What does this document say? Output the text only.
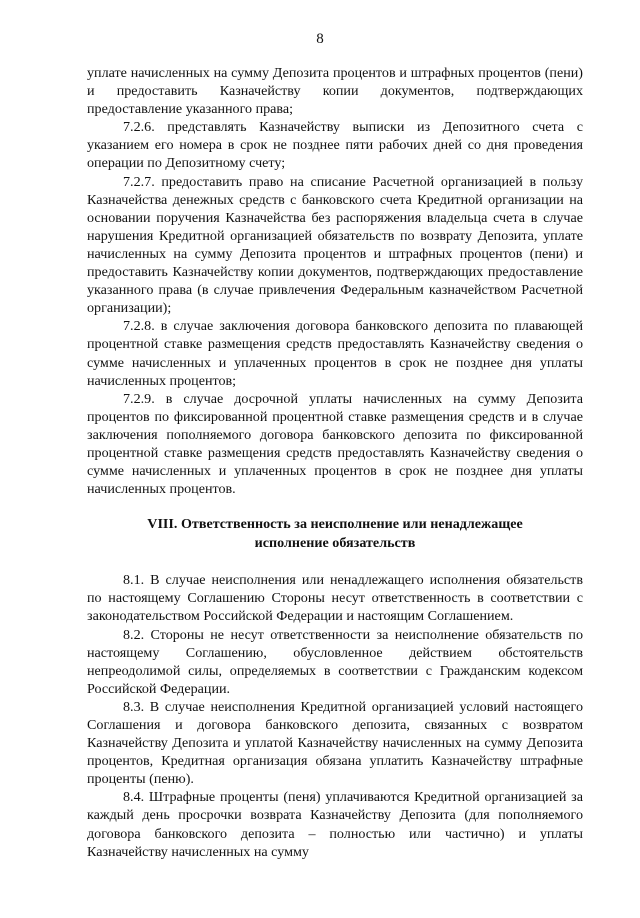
8

уплате начисленных на сумму Депозита процентов и штрафных процентов (пени) и предоставить Казначейству копии документов, подтверждающих предоставление указанного права;

7.2.6. представлять Казначейству выписки из Депозитного счета с указанием его номера в срок не позднее пяти рабочих дней со дня проведения операции по Депозитному счету;

7.2.7. предоставить право на списание Расчетной организацией в пользу Казначейства денежных средств с банковского счета Кредитной организации на основании поручения Казначейства без распоряжения владельца счета в случае нарушения Кредитной организацией обязательств по возврату Депозита, уплате начисленных на сумму Депозита процентов и штрафных процентов (пени) и предоставить Казначейству копии документов, подтверждающих предоставление указанного права (в случае привлечения Федеральным казначейством Расчетной организации);

7.2.8. в случае заключения договора банковского депозита по плавающей процентной ставке размещения средств предоставлять Казначейству сведения о сумме начисленных и уплаченных процентов в срок не позднее дня уплаты начисленных процентов;

7.2.9. в случае досрочной уплаты начисленных на сумму Депозита процентов по фиксированной процентной ставке размещения средств и в случае заключения пополняемого договора банковского депозита по фиксированной процентной ставке размещения средств предоставлять Казначейству сведения о сумме начисленных и уплаченных процентов в срок не позднее дня уплаты начисленных процентов.

VIII. Ответственность за неисполнение или ненадлежащее
исполнение обязательств

8.1. В случае неисполнения или ненадлежащего исполнения обязательств по настоящему Соглашению Стороны несут ответственность в соответствии с законодательством Российской Федерации и настоящим Соглашением.

8.2. Стороны не несут ответственности за неисполнение обязательств по настоящему Соглашению, обусловленное действием обстоятельств непреодолимой силы, определяемых в соответствии с Гражданским кодексом Российской Федерации.

8.3. В случае неисполнения Кредитной организацией условий настоящего Соглашения и договора банковского депозита, связанных с возвратом Казначейству Депозита и уплатой Казначейству начисленных на сумму Депозита процентов, Кредитная организация обязана уплатить Казначейству штрафные проценты (пеню).

8.4. Штрафные проценты (пеня) уплачиваются Кредитной организацией за каждый день просрочки возврата Казначейству Депозита (для пополняемого договора банковского депозита – полностью или частично) и уплаты Казначейству начисленных на сумму
